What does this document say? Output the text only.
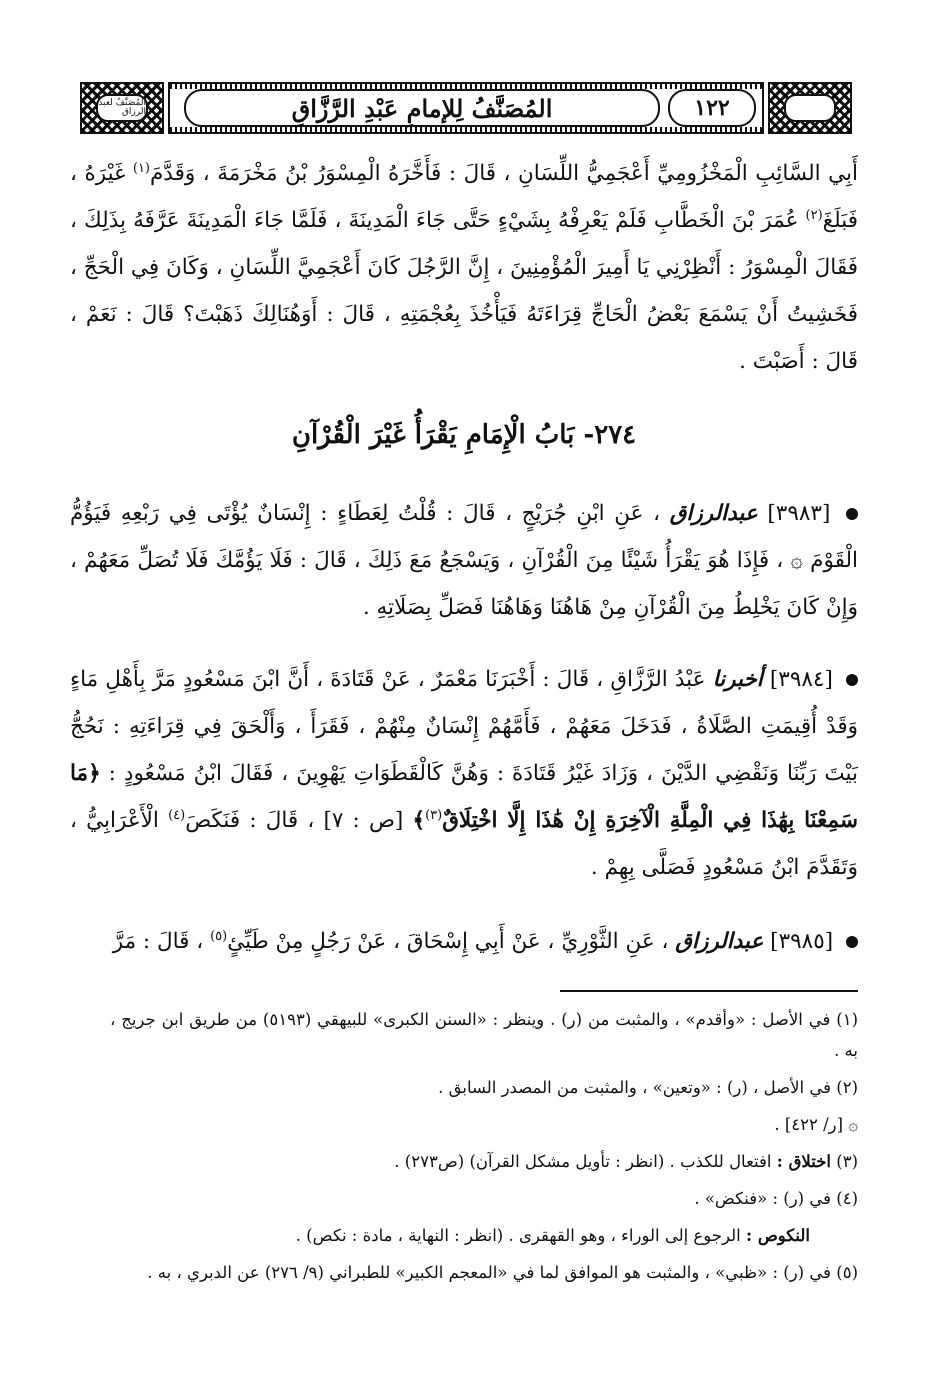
المُصَنَّفُ لعبد الرزاق	المُصَنَّفُ لِلإمامِ عَبْدِ الرَّزَّاقِ	١٢٢

أَبِي السَّائِبِ الْمَخْزُومِيِّ أَعْجَمِيُّ اللِّسَانِ ، قَالَ : فَأَخَّرَهُ الْمِسْوَرُ بْنُ مَخْرَمَةَ ، وَقَدَّمَ$^{(١)}$ غَيْرَهُ ، فَبَلَغَ$^{(٢)}$ عُمَرَ بْنَ الْخَطَّابِ فَلَمْ يَعْرِفْهُ بِشَيْءٍ حَتَّى جَاءَ الْمَدِينَةَ ، فَلَمَّا جَاءَ الْمَدِينَةَ عَرَّفَهُ بِذَلِكَ ، فَقَالَ الْمِسْوَرُ : أَنْظِرْنِي يَا أَمِيرَ الْمُؤْمِنِينَ ، إِنَّ الرَّجُلَ كَانَ أَعْجَمِيَّ اللِّسَانِ ، وَكَانَ فِي الْحَجِّ ، فَخَشِيتُ أَنْ يَسْمَعَ بَعْضُ الْحَاجِّ قِرَاءَتَهُ فَيَأْخُذَ بِعُجْمَتِهِ ، قَالَ : أَوَهُنَالِكَ ذَهَبْتَ؟ قَالَ : نَعَمْ ، قَالَ : أَصَبْتَ .

٢٧٤- بَابُ الْإِمَامِ يَقْرَأُ غَيْرَ الْقُرْآنِ
[٣٩٨٣] عبدالرزاق ، عَنِ ابْنِ جُرَيْجٍ ، قَالَ : قُلْتُ لِعَطَاءٍ : إِنْسَانٌ يُؤْتَى فِي رَبْعِهِ فَيَؤُمُّ الْقَوْمَ ۞ ، فَإِذَا هُوَ يَقْرَأُ شَيْئًا مِنَ الْقُرْآنِ ، وَيَسْجَعُ مَعَ ذَلِكَ ، قَالَ : فَلَا يَؤُمَّكَ فَلَا تُصَلِّ مَعَهُمْ ، وَإِنْ كَانَ يَخْلِطُ مِنَ الْقُرْآنِ مِنْ هَاهُنَا وَهَاهُنَا فَصَلِّ بِصَلَاتِهِ .
[٣٩٨٤] أخبرنا عَبْدُ الرَّزَّاقِ ، قَالَ : أَخْبَرَنَا مَعْمَرٌ ، عَنْ قَتَادَةَ ، أَنَّ ابْنَ مَسْعُودٍ مَرَّ بِأَهْلِ مَاءٍ وَقَدْ أُقِيمَتِ الصَّلَاةُ ، فَدَخَلَ مَعَهُمْ ، فَأَمَّهُمْ إِنْسَانٌ مِنْهُمْ ، فَقَرَأَ ، وَأَلْحَقَ فِي قِرَاءَتِهِ : نَحُجُّ بَيْتَ رَبِّنَا وَنَقْضِي الدَّيْنَ ، وَزَادَ غَيْرُ قَتَادَةَ : وَهُنَّ كَالْقَطَوَاتِ يَهْوِينَ ، فَقَالَ ابْنُ مَسْعُودٍ : ﴿مَا سَمِعْنَا بِهَٰذَا فِي الْمِلَّةِ الْآخِرَةِ إِنْ هَٰذَا إِلَّا اخْتِلَاقٌ$^{(٣)}$﴾ [ص : ٧] ، قَالَ : فَنَكَصَ$^{(٤)}$ الْأَعْرَابِيُّ ، وَتَقَدَّمَ ابْنُ مَسْعُودٍ فَصَلَّى بِهِمْ .
[٣٩٨٥] عبدالرزاق ، عَنِ الثَّوْرِيِّ ، عَنْ أَبِي إِسْحَاقَ ، عَنْ رَجُلٍ مِنْ طَيِّئٍ$^{(٥)}$ ، قَالَ : مَرَّ

(١) في الأصل : «وأقدم» ، والمثبت من (ر) . وينظر : «السنن الكبرى» للبيهقي (٥١٩٣) من طريق ابن جريج ، به .

(٢) في الأصل ، (ر) : «وتعين» ، والمثبت من المصدر السابق .

۞ [ر/ ٤٢٢] .

(٣) اختلاق : افتعال للكذب . (انظر : تأويل مشكل القرآن) (ص٢٧٣) .

(٤) في (ر) : «فنكض» .

النكوص : الرجوع إلى الوراء ، وهو القهقرى . (انظر : النهاية ، مادة : نكص) .

(٥) في (ر) : «ظبي» ، والمثبت هو الموافق لما في «المعجم الكبير» للطبراني (٩/ ٢٧٦) عن الدبري ، به .
